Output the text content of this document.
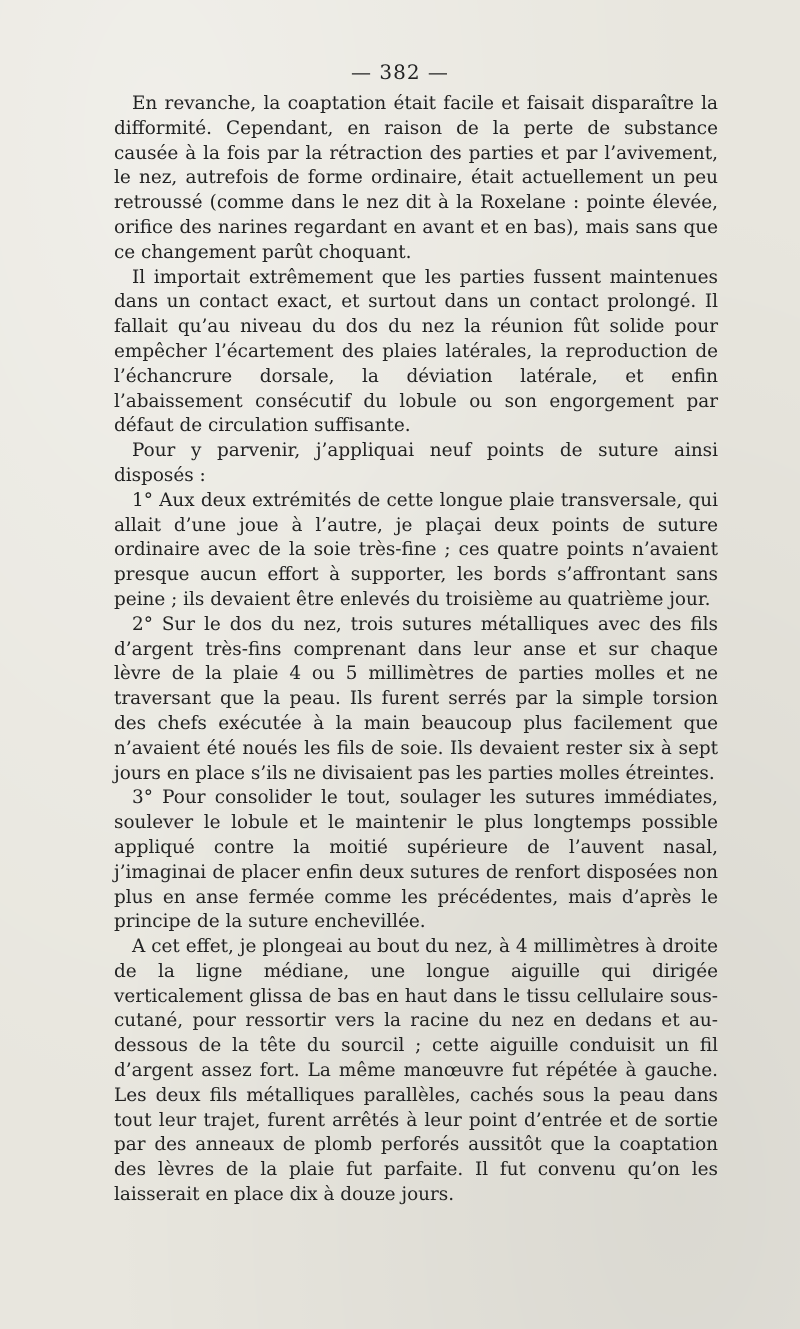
— 382 —

En revanche, la coaptation était facile et faisait disparaître la difformité. Cependant, en raison de la perte de substance causée à la fois par la rétraction des parties et par l’avivement, le nez, autrefois de forme ordinaire, était actuellement un peu retroussé (comme dans le nez dit à la Roxelane : pointe élevée, orifice des narines regardant en avant et en bas), mais sans que ce changement parût choquant.

Il importait extrêmement que les parties fussent maintenues dans un contact exact, et surtout dans un contact prolongé. Il fallait qu’au niveau du dos du nez la réunion fût solide pour empêcher l’écartement des plaies latérales, la reproduction de l’échancrure dorsale, la déviation latérale, et enfin l’abaissement consécutif du lobule ou son engorgement par défaut de circulation suffisante.

Pour y parvenir, j’appliquai neuf points de suture ainsi disposés :

1° Aux deux extrémités de cette longue plaie transversale, qui allait d’une joue à l’autre, je plaçai deux points de suture ordinaire avec de la soie très-fine ; ces quatre points n’avaient presque aucun effort à supporter, les bords s’affrontant sans peine ; ils devaient être enlevés du troisième au quatrième jour.

2° Sur le dos du nez, trois sutures métalliques avec des fils d’argent très-fins comprenant dans leur anse et sur chaque lèvre de la plaie 4 ou 5 millimètres de parties molles et ne traversant que la peau. Ils furent serrés par la simple torsion des chefs exécutée à la main beaucoup plus facilement que n’avaient été noués les fils de soie. Ils devaient rester six à sept jours en place s’ils ne divisaient pas les parties molles étreintes.

3° Pour consolider le tout, soulager les sutures immédiates, soulever le lobule et le maintenir le plus longtemps possible appliqué contre la moitié supérieure de l’auvent nasal, j’imaginai de placer enfin deux sutures de renfort disposées non plus en anse fermée comme les précédentes, mais d’après le principe de la suture enchevillée.

A cet effet, je plongeai au bout du nez, à 4 millimètres à droite de la ligne médiane, une longue aiguille qui dirigée verticalement glissa de bas en haut dans le tissu cellulaire sous-cutané, pour ressortir vers la racine du nez en dedans et au-dessous de la tête du sourcil ; cette aiguille conduisit un fil d’argent assez fort. La même manœuvre fut répétée à gauche. Les deux fils métalliques parallèles, cachés sous la peau dans tout leur trajet, furent arrêtés à leur point d’entrée et de sortie par des anneaux de plomb perforés aussitôt que la coaptation des lèvres de la plaie fut parfaite. Il fut convenu qu’on les laisserait en place dix à douze jours.
